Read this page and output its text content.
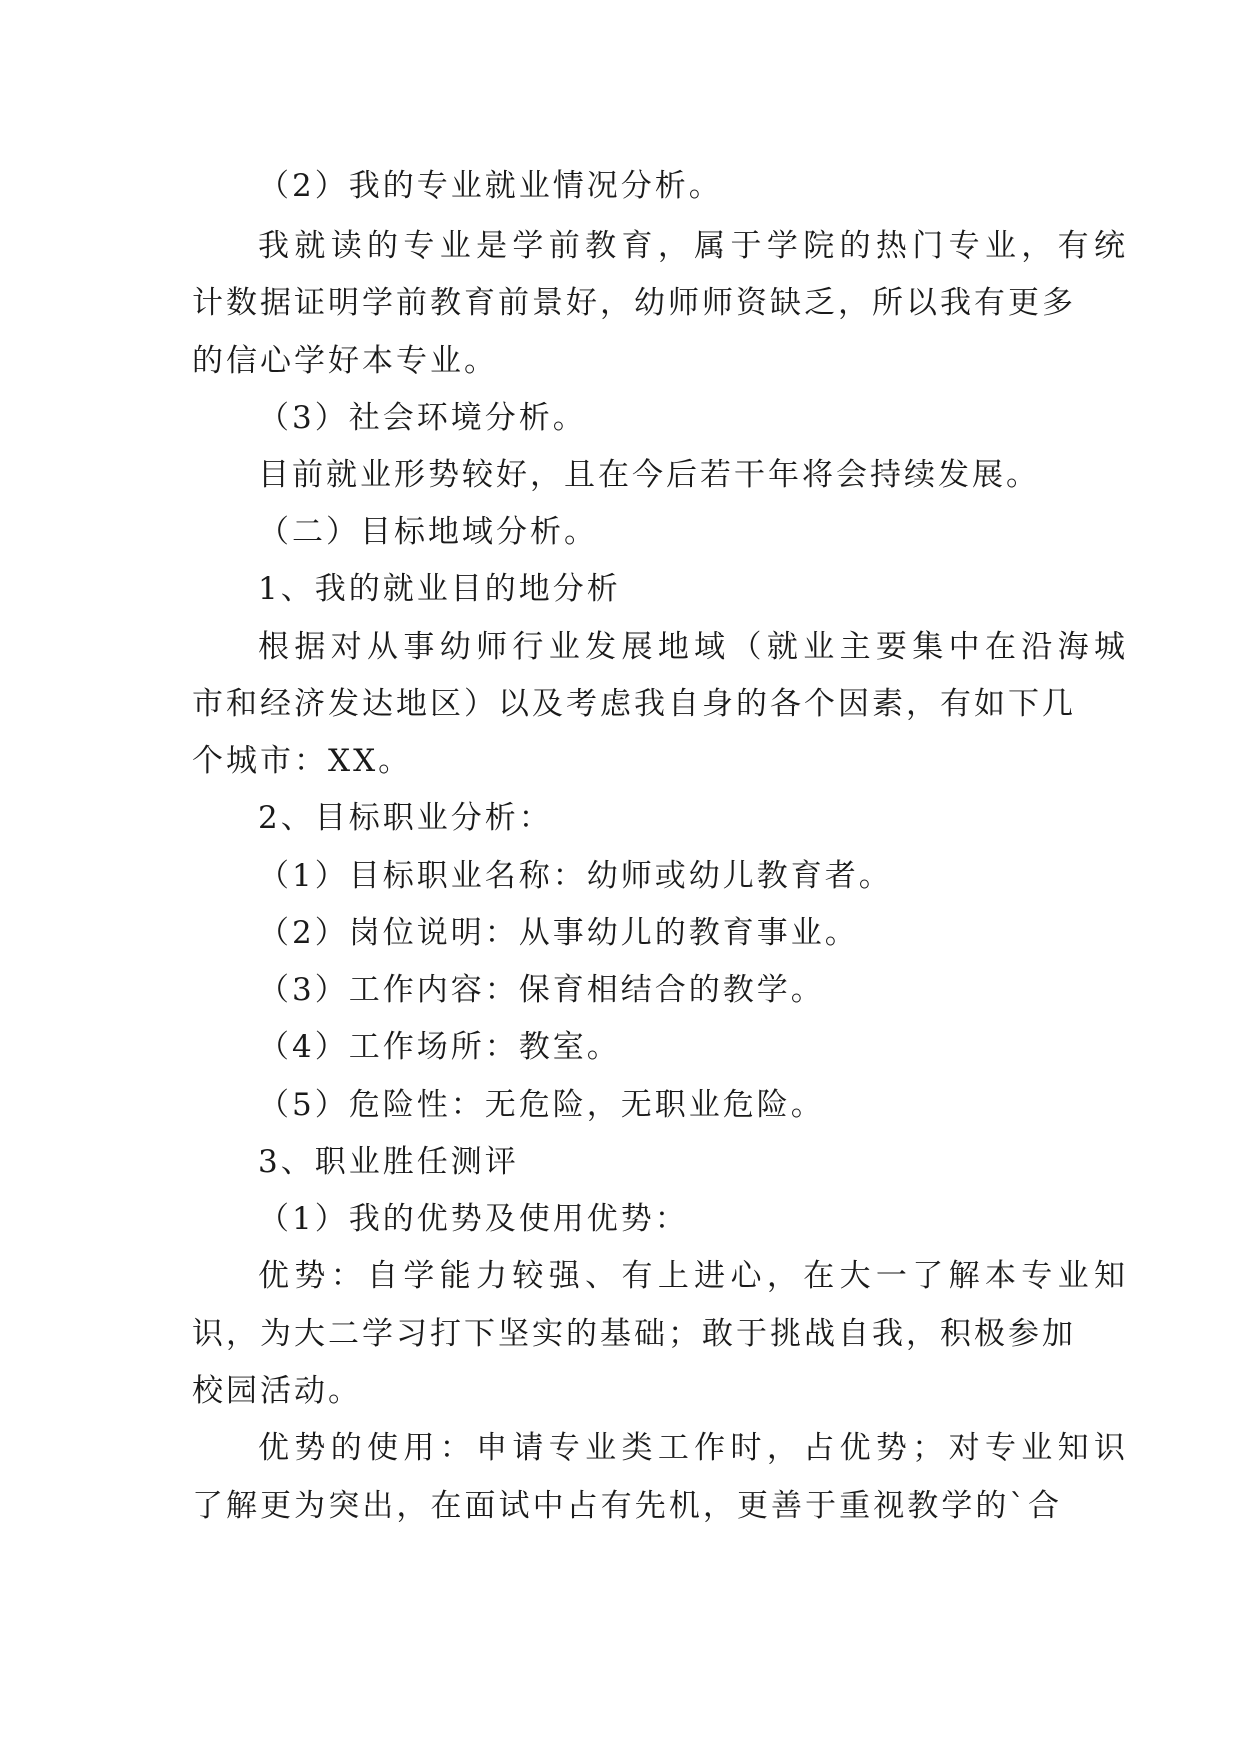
（2）我的专业就业情况分析。
我就读的专业是学前教育，属于学院的热门专业，有统
计数据证明学前教育前景好，幼师师资缺乏，所以我有更多
的信心学好本专业。
（3）社会环境分析。
目前就业形势较好，且在今后若干年将会持续发展。
（二）目标地域分析。
1、我的就业目的地分析
根据对从事幼师行业发展地域（就业主要集中在沿海城
市和经济发达地区）以及考虑我自身的各个因素，有如下几
个城市：XX。
2、目标职业分析：
（1）目标职业名称：幼师或幼儿教育者。
（2）岗位说明：从事幼儿的教育事业。
（3）工作内容：保育相结合的教学。
（4）工作场所：教室。
（5）危险性：无危险，无职业危险。
3、职业胜任测评
（1）我的优势及使用优势：
优势：自学能力较强、有上进心，在大一了解本专业知
识，为大二学习打下坚实的基础；敢于挑战自我，积极参加
校园活动。
优势的使用：申请专业类工作时，占优势；对专业知识
了解更为突出，在面试中占有先机，更善于重视教学的`合
